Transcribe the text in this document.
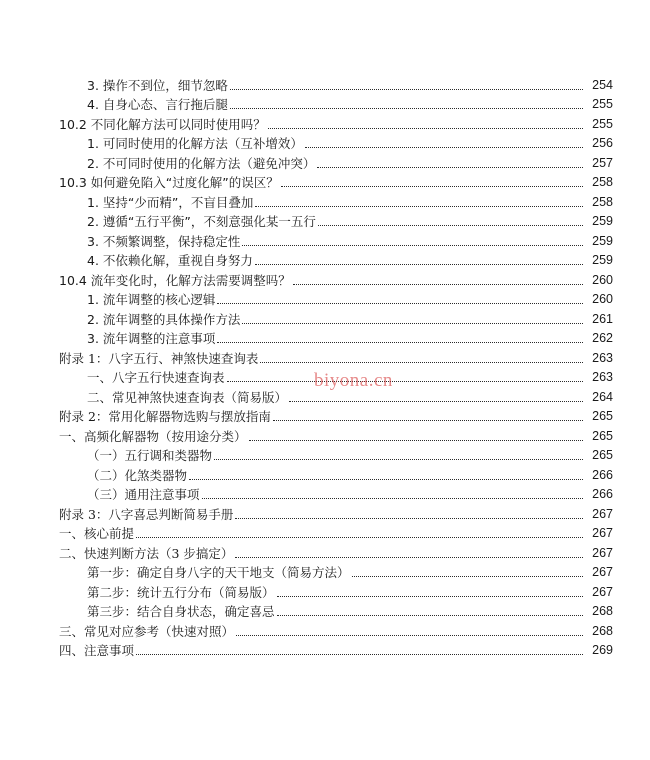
3. 操作不到位，细节忽略	254
4. 自身心态、言行拖后腿	255
10.2 不同化解方法可以同时使用吗？	255
1. 可同时使用的化解方法（互补增效）	256
2. 不可同时使用的化解方法（避免冲突）	257
10.3 如何避免陷入“过度化解”的误区？	258
1. 坚持“少而精”，不盲目叠加	258
2. 遵循“五行平衡”，不刻意强化某一五行	259
3. 不频繁调整，保持稳定性	259
4. 不依赖化解，重视自身努力	259
10.4 流年变化时，化解方法需要调整吗？	260
1. 流年调整的核心逻辑	260
2. 流年调整的具体操作方法	261
3. 流年调整的注意事项	262
附录 1：八字五行、神煞快速查询表	263
一、八字五行快速查询表	263
二、常见神煞快速查询表（简易版）	264
附录 2：常用化解器物选购与摆放指南	265
一、高频化解器物（按用途分类）	265
（一）五行调和类器物	265
（二）化煞类器物	266
（三）通用注意事项	266
附录 3：八字喜忌判断简易手册	267
一、核心前提	267
二、快速判断方法（3 步搞定）	267
第一步：确定自身八字的天干地支（简易方法）	267
第二步：统计五行分布（简易版）	267
第三步：结合自身状态，确定喜忌	268
三、常见对应参考（快速对照）	268
四、注意事项	269
biyona.cn
